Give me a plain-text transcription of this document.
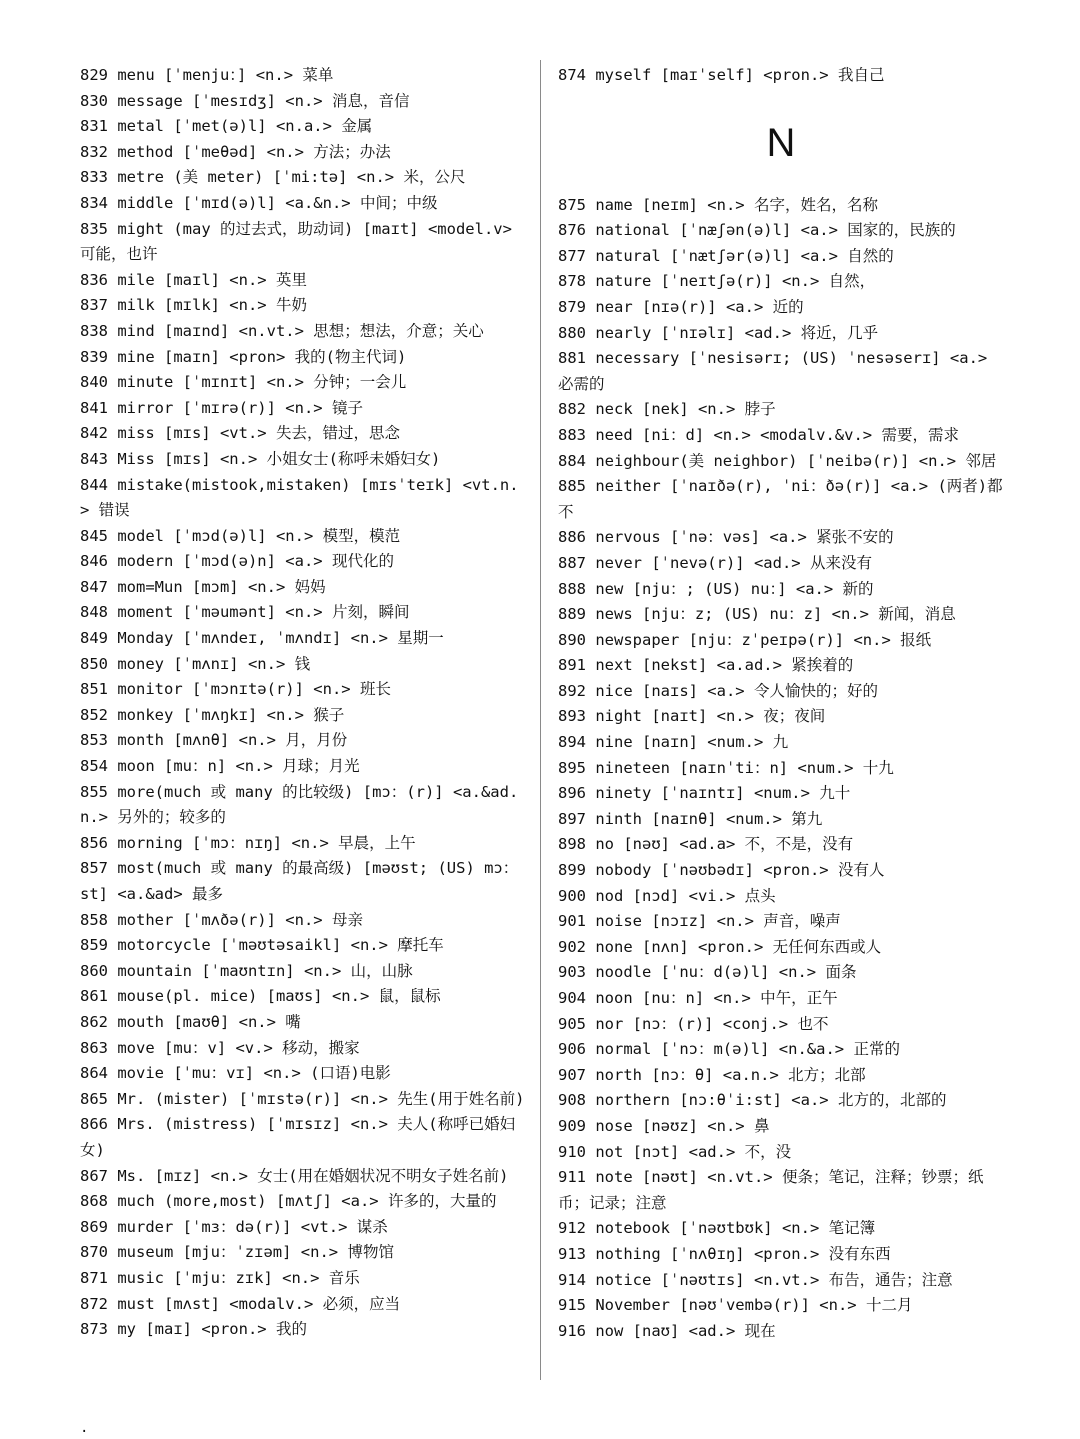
829 menu [ˈmenju：] <n.> 菜单
830 message [ˈmesɪdʒ] <n.> 消息，音信
831 metal [ˈmet(ə)l] <n.a.> 金属
832 method [ˈmeθəd] <n.> 方法；办法
833 metre (美 meter) [ˈmi:tə] <n.> 米，公尺
834 middle [ˈmɪd(ə)l] <a.&n.> 中间；中级
835 might (may 的过去式，助动词) [maɪt] <model.v> 可能，也许
836 mile [maɪl] <n.> 英里
837 milk [mɪlk] <n.> 牛奶
838 mind [maɪnd] <n.vt.> 思想；想法，介意；关心
839 mine [maɪn] <pron> 我的(物主代词)
840 minute [ˈmɪnɪt] <n.> 分钟；一会儿
841 mirror [ˈmɪrə(r)] <n.> 镜子
842 miss [mɪs] <vt.> 失去，错过，思念
843 Miss [mɪs] <n.> 小姐女士(称呼未婚妇女)
844 mistake(mistook,mistaken) [mɪsˈteɪk] <vt.n.> 错误
845 model [ˈmɔd(ə)l] <n.> 模型，模范
846 modern [ˈmɔd(ə)n] <a.> 现代化的
847 mom=Mun [mɔm] <n.> 妈妈
848 moment [ˈməumənt] <n.> 片刻，瞬间
849 Monday [ˈmʌndeɪ, ˈmʌndɪ] <n.> 星期一
850 money [ˈmʌnɪ] <n.> 钱
851 monitor [ˈmɔnɪtə(r)] <n.> 班长
852 monkey [ˈmʌŋkɪ] <n.> 猴子
853 month [mʌnθ] <n.> 月，月份
854 moon [mu：n] <n.> 月球；月光
855 more(much 或 many 的比较级) [mɔ：(r)] <a.&ad.n.> 另外的；较多的
856 morning [ˈmɔ：nɪŋ] <n.> 早晨，上午
857 most(much 或 many 的最高级) [məʊst; (US) mɔ：st] <a.&ad> 最多
858 mother [ˈmʌðə(r)] <n.> 母亲
859 motorcycle [ˈməʊtəsaikl] <n.> 摩托车
860 mountain [ˈmaʊntɪn] <n.> 山，山脉
861 mouse(pl. mice) [maʊs] <n.> 鼠，鼠标
862 mouth [maʊθ] <n.> 嘴
863 move [mu：v] <v.> 移动，搬家
864 movie [ˈmu：vɪ] <n.> (口语)电影
865 Mr. (mister) [ˈmɪstə(r)] <n.> 先生(用于姓名前)
866 Mrs. (mistress) [ˈmɪsɪz] <n.> 夫人(称呼已婚妇女)
867 Ms. [mɪz] <n.> 女士(用在婚姻状况不明女子姓名前)
868 much (more,most) [mʌtʃ] <a.> 许多的，大量的
869 murder [ˈmɜ：də(r)] <vt.> 谋杀
870 museum [mju：ˈzɪəm] <n.> 博物馆
871 music [ˈmju：zɪk] <n.> 音乐
872 must [mʌst] <modalv.> 必须，应当
873 my [maɪ] <pron.> 我的
874 myself [maɪˈself] <pron.> 我自己
N
875 name [neɪm] <n.> 名字，姓名，名称
876 national [ˈnæʃən(ə)l] <a.> 国家的，民族的
877 natural [ˈnætʃər(ə)l] <a.> 自然的
878 nature [ˈneɪtʃə(r)] <n.> 自然，
879 near [nɪə(r)] <a.> 近的
880 nearly [ˈnɪəlɪ] <ad.> 将近，几乎
881 necessary [ˈnesisərɪ; (US) ˈnesəserɪ] <a.> 必需的
882 neck [nek] <n.> 脖子
883 need [ni：d] <n.> <modalv.&v.> 需要，需求
884 neighbour(美 neighbor) [ˈneibə(r)] <n.> 邻居
885 neither [ˈnaɪðə(r), ˈni：ðə(r)] <a.> (两者)都不
886 nervous [ˈnə：vəs] <a.> 紧张不安的
887 never [ˈnevə(r)] <ad.> 从来没有
888 new [nju：; (US) nu：] <a.> 新的
889 news [nju：z; (US) nu：z] <n.> 新闻，消息
890 newspaper [nju：zˈpeɪpə(r)] <n.> 报纸
891 next [nekst] <a.ad.> 紧挨着的
892 nice [naɪs] <a.> 令人愉快的；好的
893 night [naɪt] <n.> 夜；夜间
894 nine [naɪn] <num.> 九
895 nineteen [naɪnˈti：n] <num.> 十九
896 ninety [ˈnaɪntɪ] <num.> 九十
897 ninth [naɪnθ] <num.> 第九
898 no [nəʊ] <ad.a> 不，不是，没有
899 nobody [ˈnəʊbədɪ] <pron.> 没有人
900 nod [nɔd] <vi.> 点头
901 noise [nɔɪz] <n.> 声音，噪声
902 none [nʌn] <pron.> 无任何东西或人
903 noodle [ˈnu：d(ə)l] <n.> 面条
904 noon [nu：n] <n.> 中午，正午
905 nor [nɔ：(r)] <conj.> 也不
906 normal [ˈnɔ：m(ə)l] <n.&a.> 正常的
907 north [nɔ：θ] <a.n.> 北方；北部
908 northern [nɔ:θˈi:st] <a.> 北方的，北部的
909 nose [nəʊz] <n.> 鼻
910 not [nɔt] <ad.> 不，没
911 note [nəʊt] <n.vt.> 便条；笔记，注释；钞票；纸币；记录；注意
912 notebook [ˈnəʊtbʊk] <n.> 笔记簿
913 nothing [ˈnʌθɪŋ] <pron.> 没有东西
914 notice [ˈnəʊtɪs] <n.vt.> 布告，通告；注意
915 November [nəʊˈvembə(r)] <n.> 十二月
916 now [naʊ] <ad.> 现在
.
